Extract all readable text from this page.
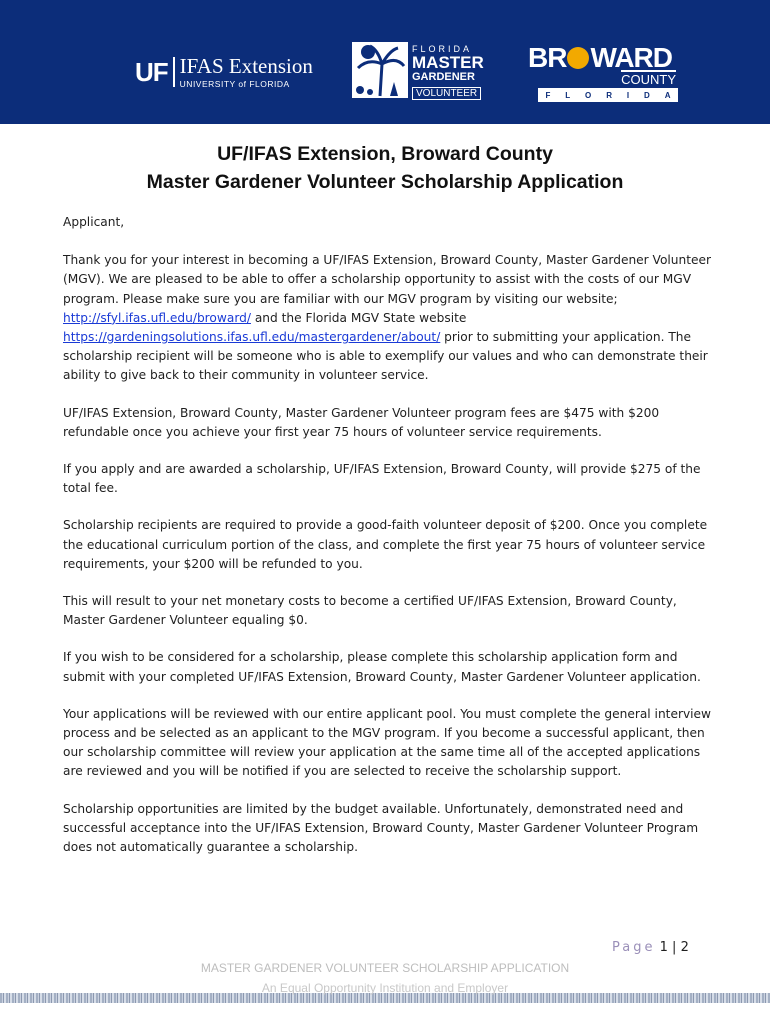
UF IFAS Extension
UNIVERSITY of FLORIDA
FLORIDA
MASTER
GARDENER
VOLUNTEER
BR WARD
COUNTY
F L O R I D A
UF/IFAS Extension, Broward County
Master Gardener Volunteer Scholarship Application

Applicant,

Thank you for your interest in becoming a UF/IFAS Extension, Broward County, Master Gardener Volunteer (MGV). We are pleased to be able to offer a scholarship opportunity to assist with the costs of our MGV program. Please make sure you are familiar with our MGV program by visiting our website; http://sfyl.ifas.ufl.edu/broward/ and the Florida MGV State website https://gardeningsolutions.ifas.ufl.edu/mastergardener/about/ prior to submitting your application. The scholarship recipient will be someone who is able to exemplify our values and who can demonstrate their ability to give back to their community in volunteer service.

UF/IFAS Extension, Broward County, Master Gardener Volunteer program fees are $475 with $200 refundable once you achieve your first year 75 hours of volunteer service requirements.

If you apply and are awarded a scholarship, UF/IFAS Extension, Broward County, will provide $275 of the total fee.

Scholarship recipients are required to provide a good-faith volunteer deposit of $200. Once you complete the educational curriculum portion of the class, and complete the first year 75 hours of volunteer service requirements, your $200 will be refunded to you.

This will result to your net monetary costs to become a certified UF/IFAS Extension, Broward County, Master Gardener Volunteer equaling $0.

If you wish to be considered for a scholarship, please complete this scholarship application form and submit with your completed UF/IFAS Extension, Broward County, Master Gardener Volunteer application.

Your applications will be reviewed with our entire applicant pool. You must complete the general interview process and be selected as an applicant to the MGV program. If you become a successful applicant, then our scholarship committee will review your application at the same time all of the accepted applications are reviewed and you will be notified if you are selected to receive the scholarship support.

Scholarship opportunities are limited by the budget available. Unfortunately, demonstrated need and successful acceptance into the UF/IFAS Extension, Broward County, Master Gardener Volunteer Program does not automatically guarantee a scholarship.

Page 1 | 2
MASTER GARDENER VOLUNTEER SCHOLARSHIP APPLICATION
An Equal Opportunity Institution and Employer
